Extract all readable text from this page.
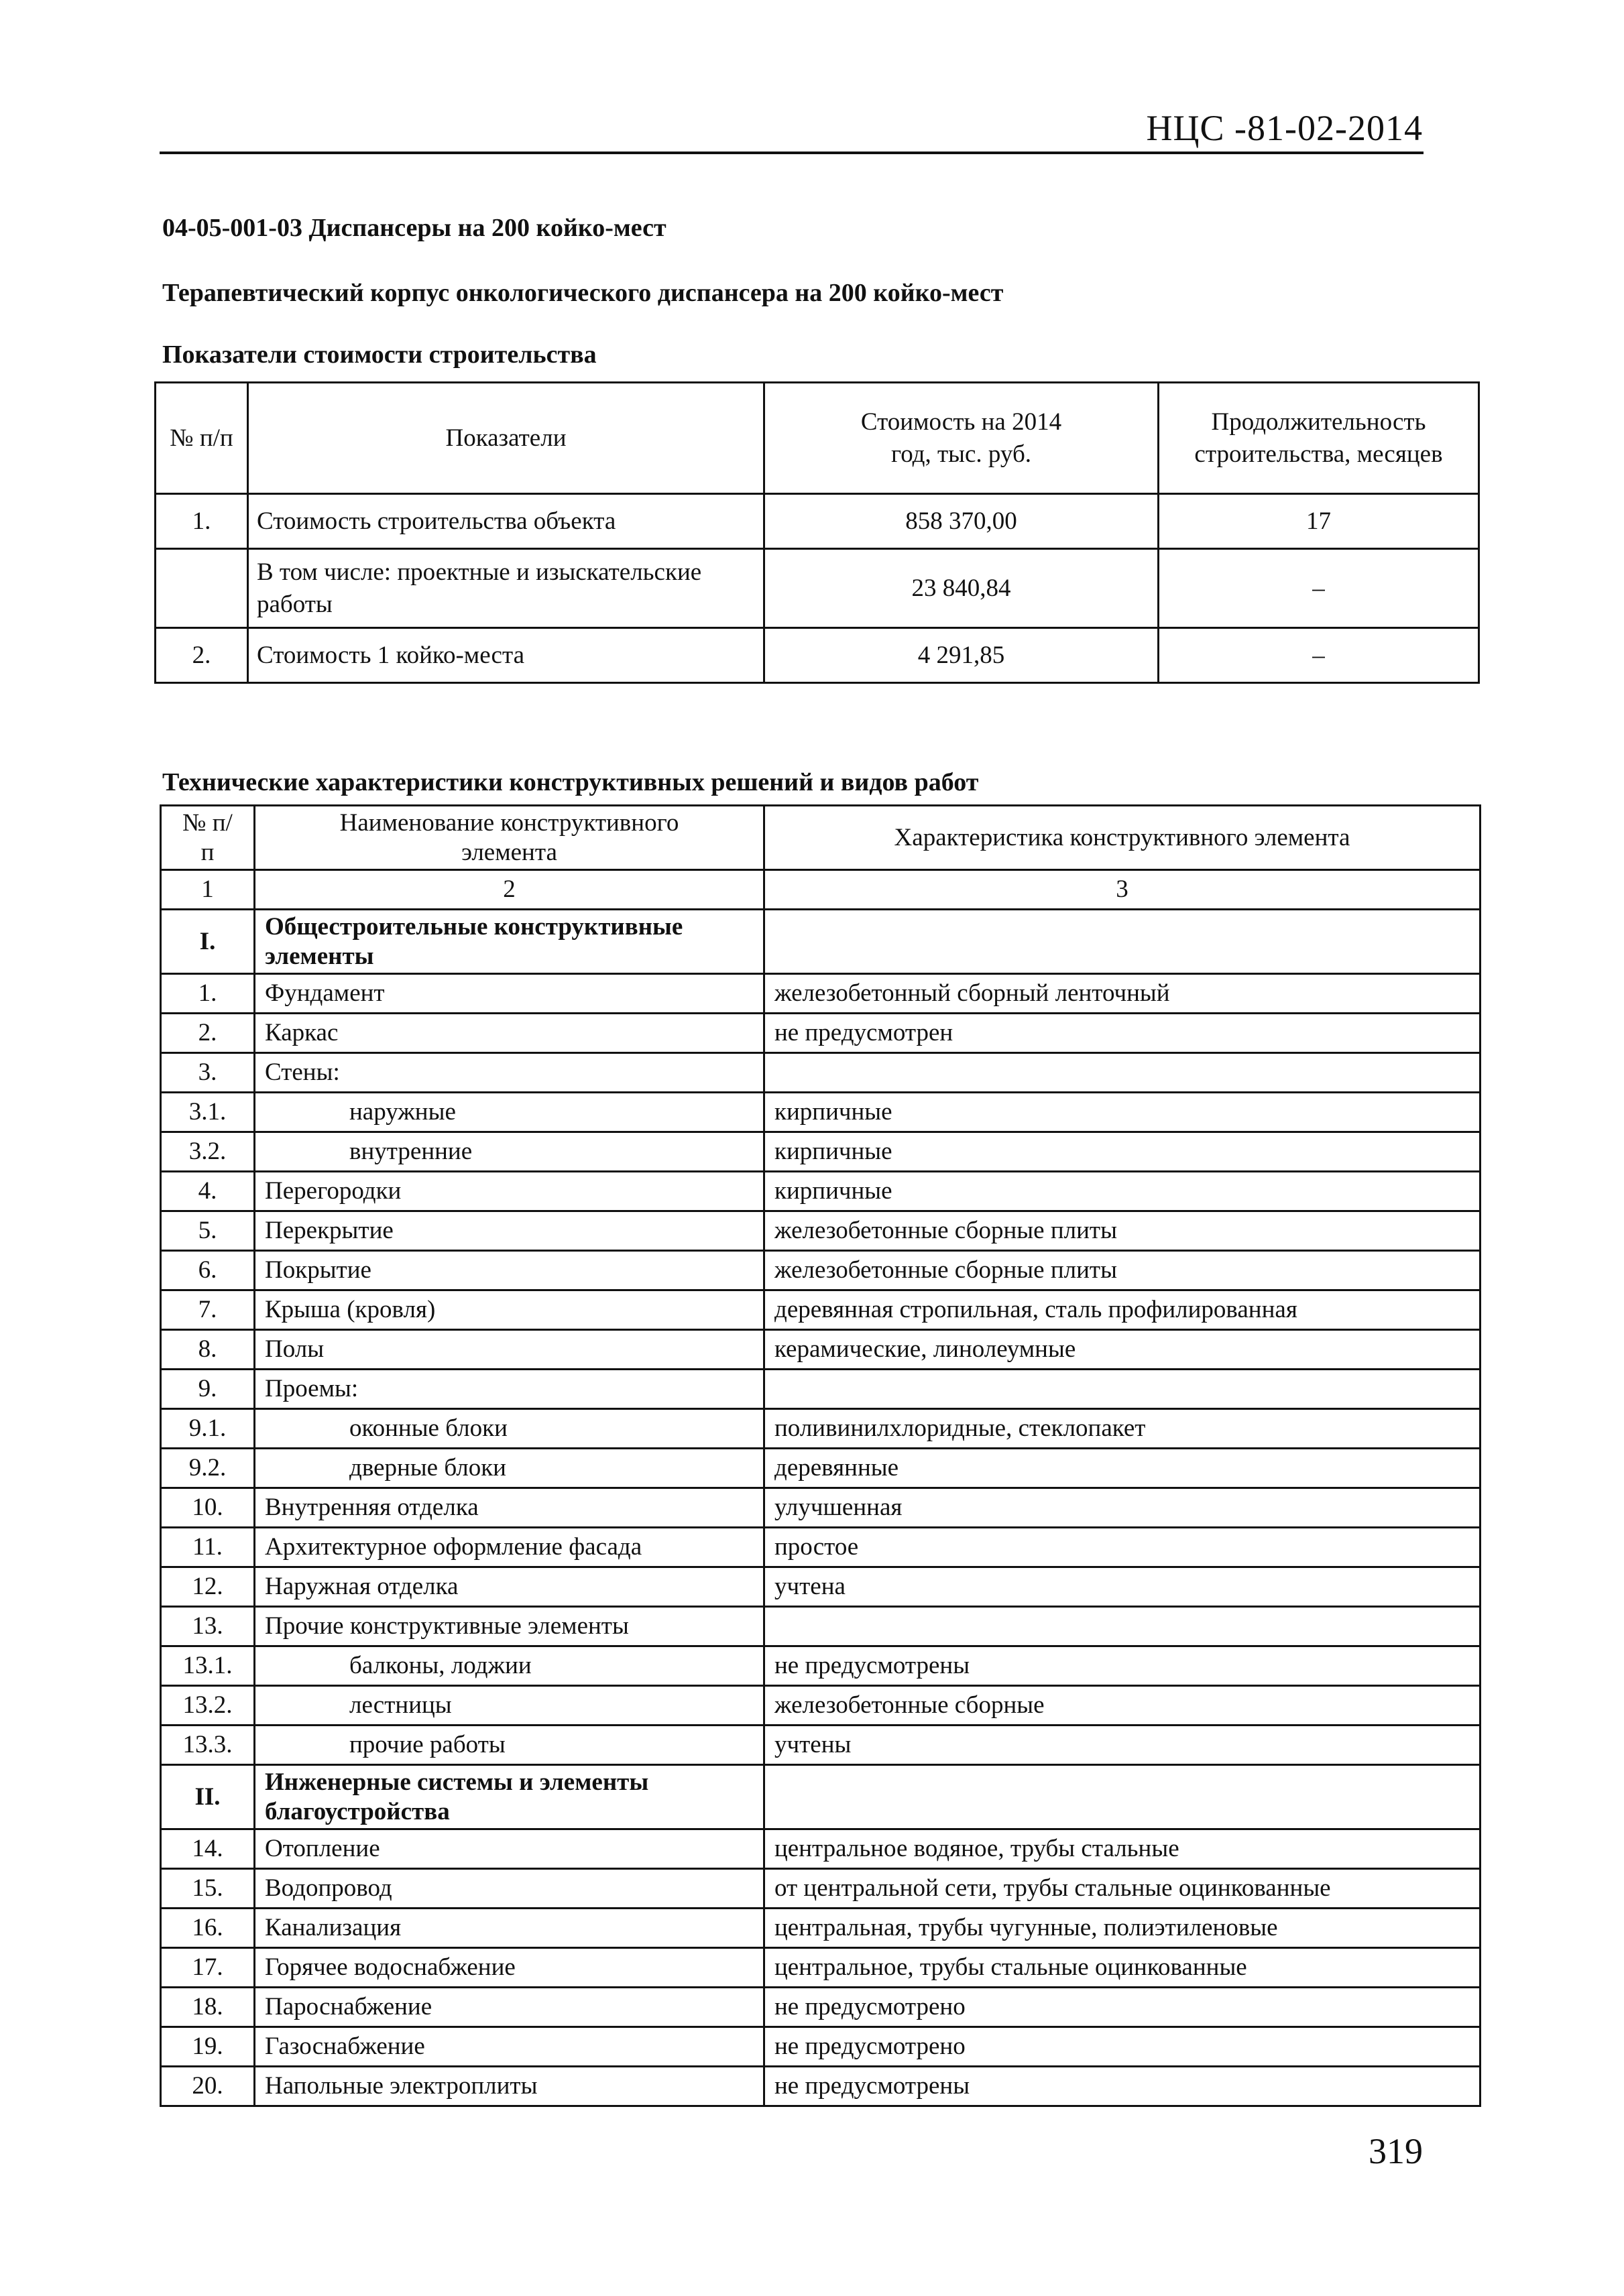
НЦС -81-02-2014
04-05-001-03 Диспансеры на 200 койко-мест
Терапевтический корпус онкологического диспансера на 200 койко-мест
Показатели стоимости строительства
№ п/п	Показатели	Стоимость на 2014 год, тыс. руб.	Продолжительность строительства, месяцев
1.	Стоимость строительства объекта	858 370,00	17
	В том числе: проектные и изыскательские работы	23 840,84	–
2.	Стоимость 1 койко-места	4 291,85	–
Технические характеристики конструктивных решений и видов работ
№ п/п	Наименование конструктивного элемента	Характеристика конструктивного элемента
1	2	3
I.	Общестроительные конструктивные элементы	
1.	Фундамент	железобетонный сборный ленточный
2.	Каркас	не предусмотрен
3.	Стены:	
3.1.	наружные	кирпичные
3.2.	внутренние	кирпичные
4.	Перегородки	кирпичные
5.	Перекрытие	железобетонные сборные плиты
6.	Покрытие	железобетонные сборные плиты
7.	Крыша (кровля)	деревянная стропильная, сталь профилированная
8.	Полы	керамические, линолеумные
9.	Проемы:	
9.1.	оконные блоки	поливинилхлоридные, стеклопакет
9.2.	дверные блоки	деревянные
10.	Внутренняя отделка	улучшенная
11.	Архитектурное оформление фасада	простое
12.	Наружная отделка	учтена
13.	Прочие конструктивные элементы	
13.1.	балконы, лоджии	не предусмотрены
13.2.	лестницы	железобетонные сборные
13.3.	прочие работы	учтены
II.	Инженерные системы и элементы благоустройства	
14.	Отопление	центральное водяное, трубы стальные
15.	Водопровод	от центральной сети, трубы стальные оцинкованные
16.	Канализация	центральная, трубы чугунные, полиэтиленовые
17.	Горячее водоснабжение	центральное, трубы стальные оцинкованные
18.	Пароснабжение	не предусмотрено
19.	Газоснабжение	не предусмотрено
20.	Напольные электроплиты	не предусмотрены
319
